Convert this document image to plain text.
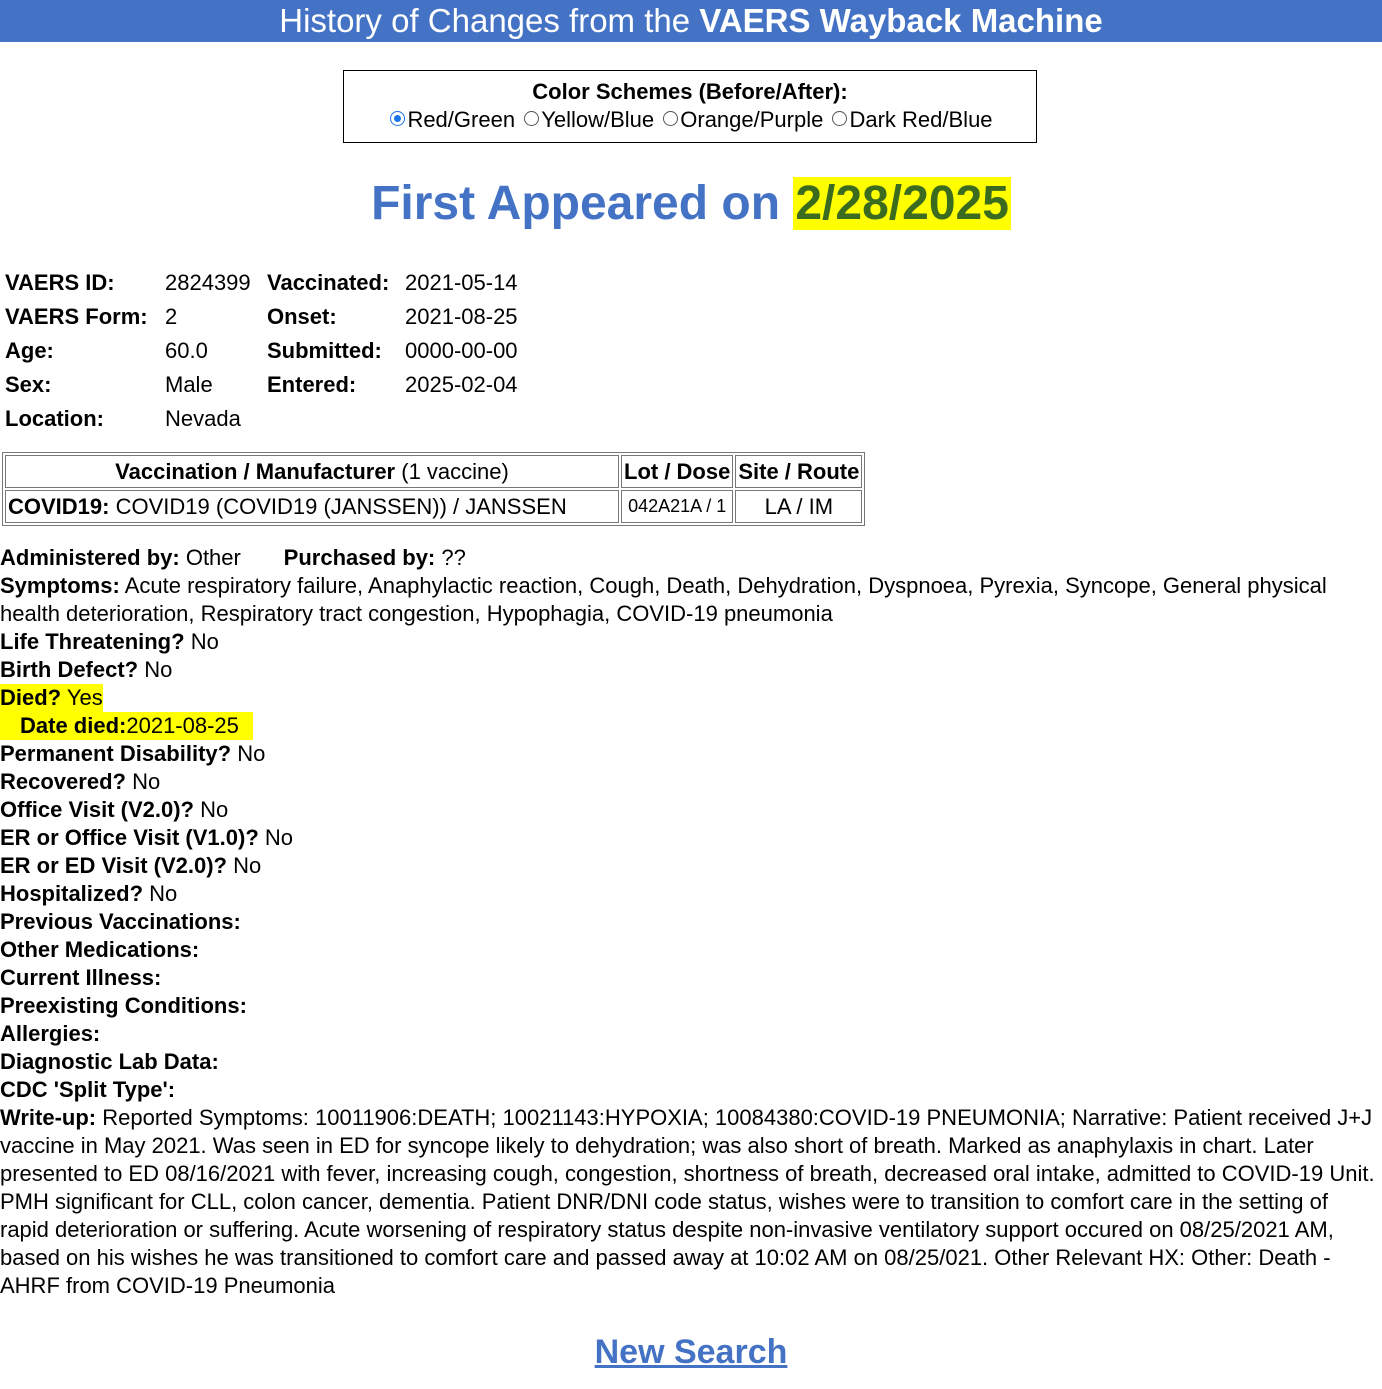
History of Changes from the VAERS Wayback Machine
Color Schemes (Before/After):
Red/Green Yellow/Blue Orange/Purple Dark Red/Blue
First Appeared on 2/28/2025
VAERS ID:	2824399	Vaccinated:	2021-05-14
VAERS Form:	2	Onset:	2021-08-25
Age:	60.0	Submitted:	0000-00-00
Sex:	Male	Entered:	2025-02-04
Location:	Nevada		
Vaccination / Manufacturer (1 vaccine)	Lot / Dose	Site / Route
COVID19: COVID19 (COVID19 (JANSSEN)) / JANSSEN	042A21A / 1	LA / IM
Administered by: Other Purchased by: ??
Symptoms: Acute respiratory failure, Anaphylactic reaction, Cough, Death, Dehydration, Dyspnoea, Pyrexia, Syncope, General physical health deterioration, Respiratory tract congestion, Hypophagia, COVID-19 pneumonia
Life Threatening? No
Birth Defect? No
Died? Yes
Date died:2021-08-25
Permanent Disability? No
Recovered? No
Office Visit (V2.0)? No
ER or Office Visit (V1.0)? No
ER or ED Visit (V2.0)? No
Hospitalized? No
Previous Vaccinations:
Other Medications:
Current Illness:
Preexisting Conditions:
Allergies:
Diagnostic Lab Data:
CDC 'Split Type':
Write-up: Reported Symptoms: 10011906:DEATH; 10021143:HYPOXIA; 10084380:COVID-19 PNEUMONIA; Narrative: Patient received J+J vaccine in May 2021. Was seen in ED for syncope likely to dehydration; was also short of breath. Marked as anaphylaxis in chart. Later presented to ED 08/16/2021 with fever, increasing cough, congestion, shortness of breath, decreased oral intake, admitted to COVID-19 Unit. PMH significant for CLL, colon cancer, dementia. Patient DNR/DNI code status, wishes were to transition to comfort care in the setting of rapid deterioration or suffering. Acute worsening of respiratory status despite non-invasive ventilatory support occured on 08/25/2021 AM, based on his wishes he was transitioned to comfort care and passed away at 10:02 AM on 08/25/021. Other Relevant HX: Other: Death - AHRF from COVID-19 Pneumonia
New Search
